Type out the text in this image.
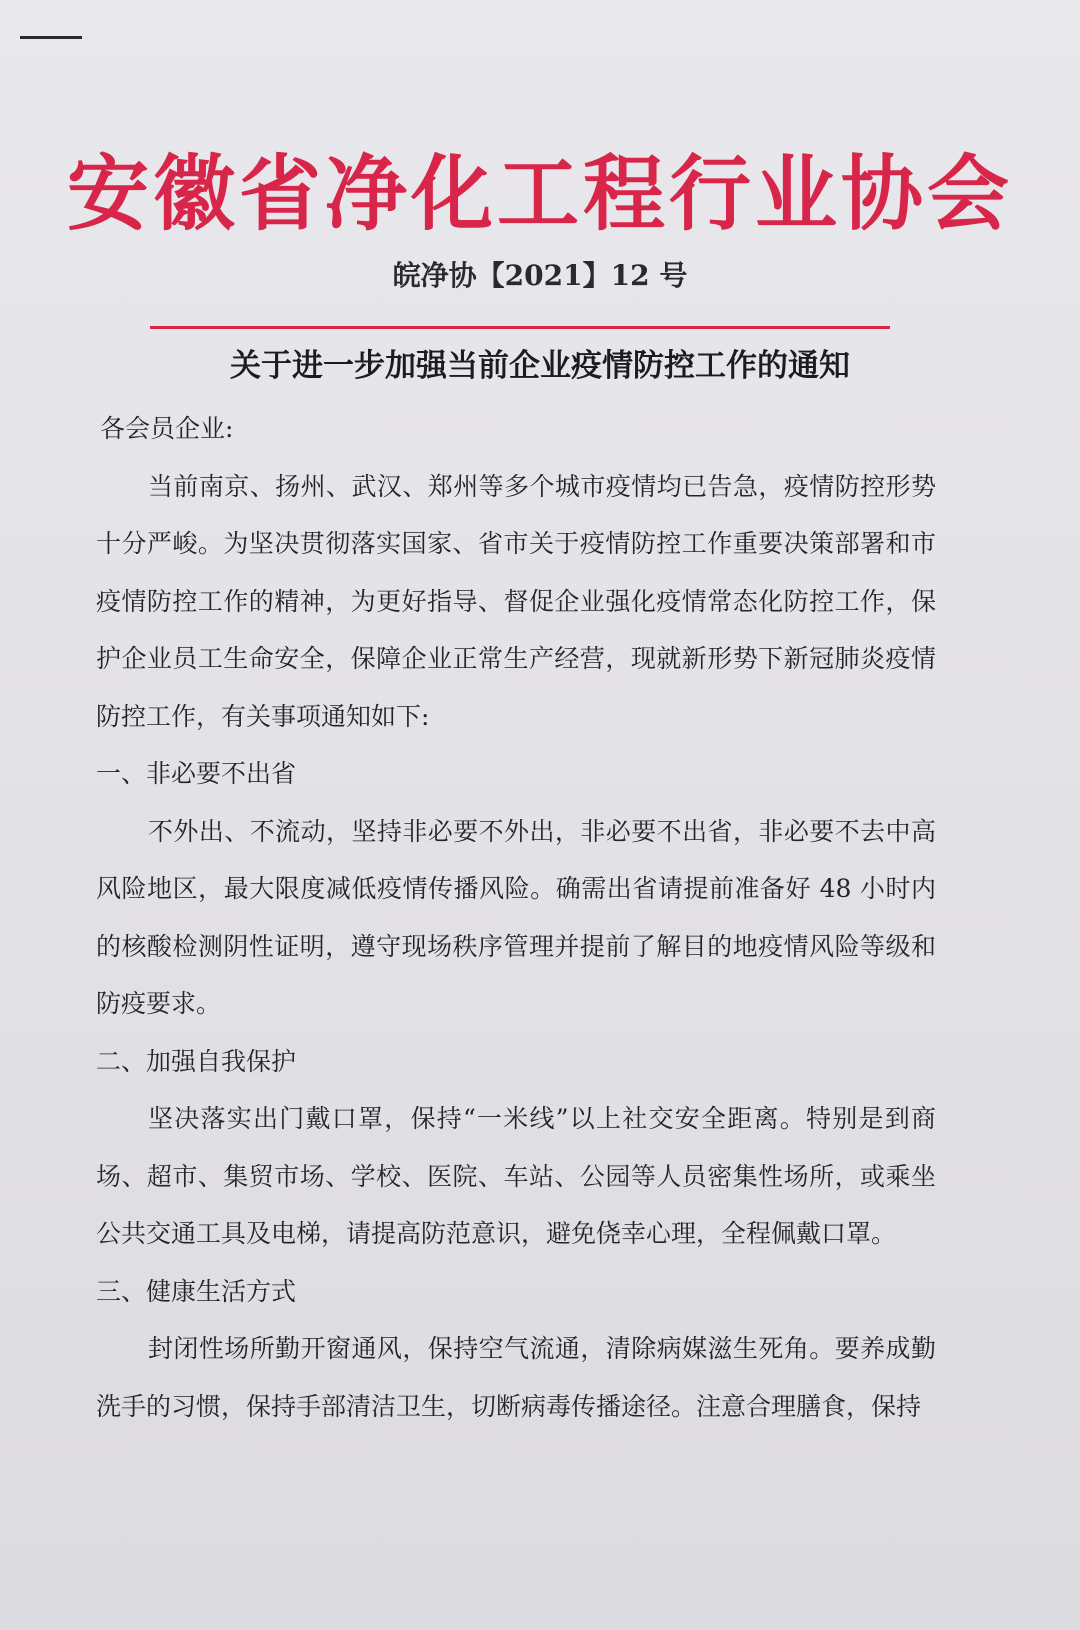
安徽省净化工程行业协会
皖净协【2021】12 号
关于进一步加强当前企业疫情防控工作的通知

各会员企业:

当前南京、扬州、武汉、郑州等多个城市疫情均已告急，疫情防控形势十分严峻。为坚决贯彻落实国家、省市关于疫情防控工作重要决策部署和市疫情防控工作的精神，为更好指导、督促企业强化疫情常态化防控工作，保护企业员工生命安全，保障企业正常生产经营，现就新形势下新冠肺炎疫情防控工作，有关事项通知如下:

一、非必要不出省

不外出、不流动，坚持非必要不外出，非必要不出省，非必要不去中高风险地区，最大限度减低疫情传播风险。确需出省请提前准备好 48 小时内的核酸检测阴性证明，遵守现场秩序管理并提前了解目的地疫情风险等级和防疫要求。

二、加强自我保护

坚决落实出门戴口罩，保持“一米线”以上社交安全距离。特别是到商场、超市、集贸市场、学校、医院、车站、公园等人员密集性场所，或乘坐公共交通工具及电梯，请提高防范意识，避免侥幸心理，全程佩戴口罩。

三、健康生活方式

封闭性场所勤开窗通风，保持空气流通，清除病媒滋生死角。要养成勤洗手的习惯，保持手部清洁卫生，切断病毒传播途径。注意合理膳食，保持
